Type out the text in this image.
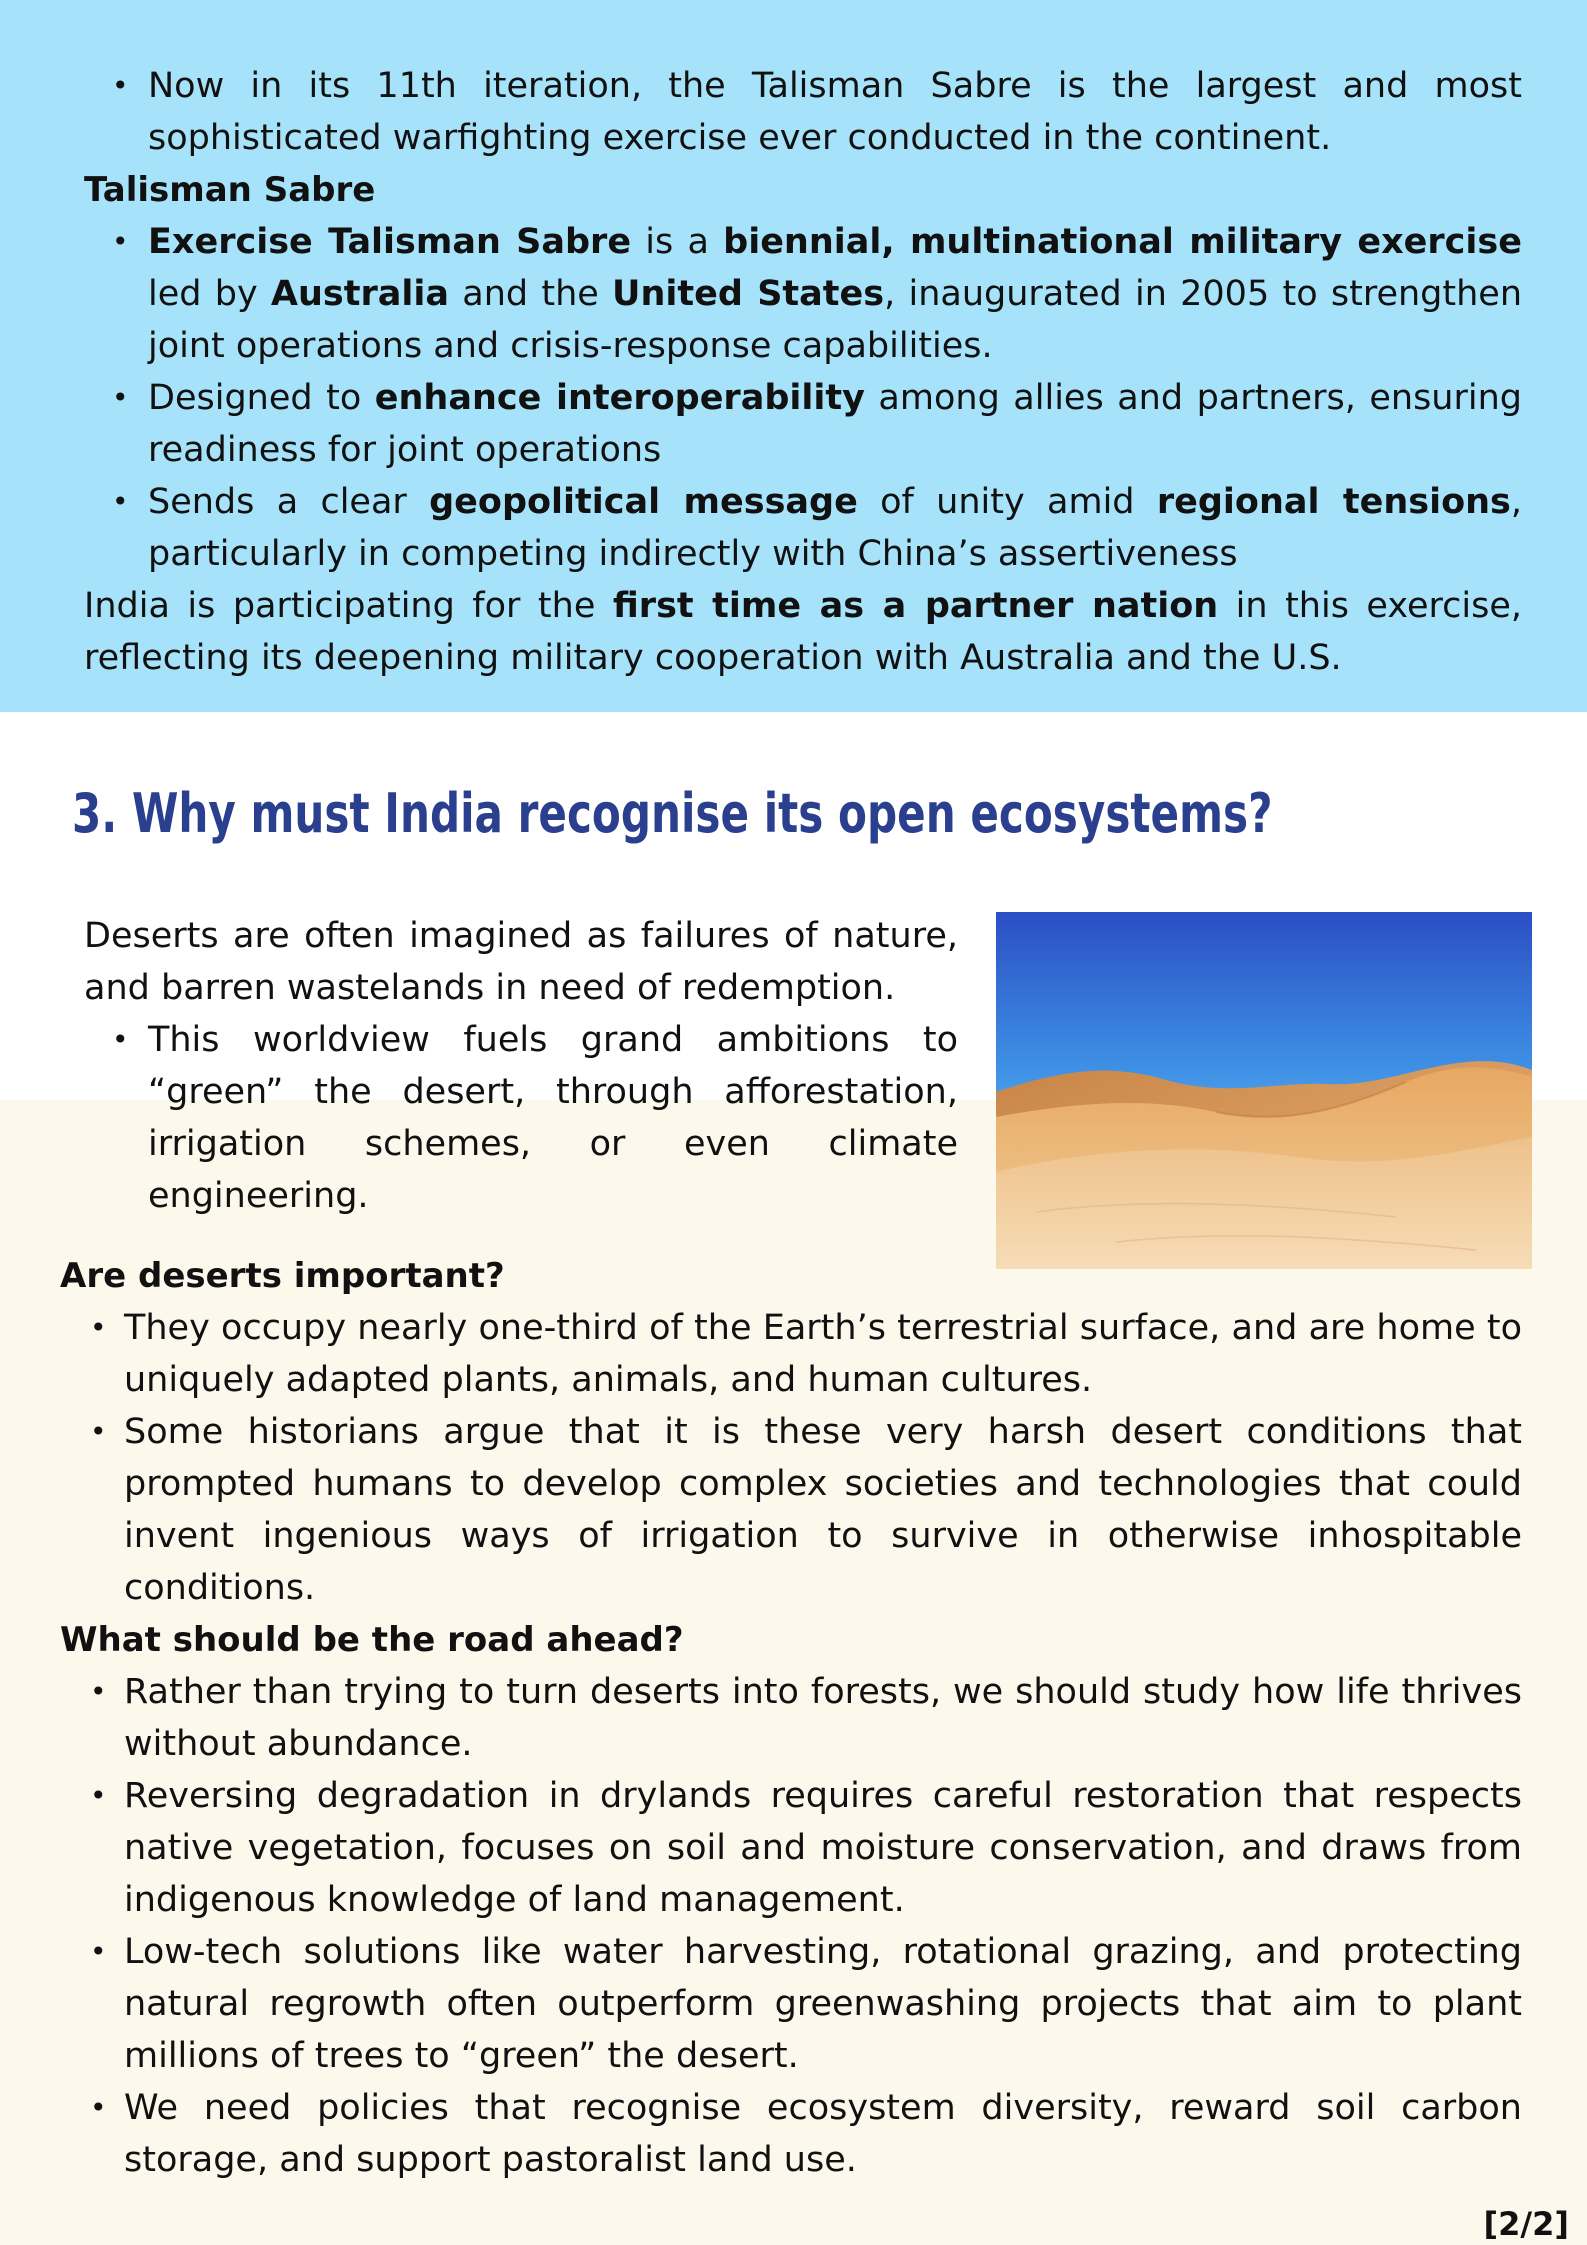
• Now in its 11th iteration, the Talisman Sabre is the largest and most sophisticated warfighting exercise ever conducted in the continent.
Talisman Sabre
• Exercise Talisman Sabre is a biennial, multinational military exercise led by Australia and the United States, inaugurated in 2005 to strengthen joint operations and crisis-response capabilities.
• Designed to enhance interoperability among allies and partners, ensuring readiness for joint operations
• Sends a clear geopolitical message of unity amid regional tensions, particularly in competing indirectly with China’s assertiveness
India is participating for the first time as a partner nation in this exercise, reflecting its deepening military cooperation with Australia and the U.S.
3. Why must India recognise its open ecosystems?
Deserts are often imagined as failures of nature, and barren wastelands in need of redemption.
• This worldview fuels grand ambitions to “green” the desert, through afforestation, irrigation schemes, or even climate engineering.
Are deserts important?
• They occupy nearly one-third of the Earth’s terrestrial surface, and are home to uniquely adapted plants, animals, and human cultures.
• Some historians argue that it is these very harsh desert conditions that prompted humans to develop complex societies and technologies that could invent ingenious ways of irrigation to survive in otherwise inhospitable conditions.
What should be the road ahead?
• Rather than trying to turn deserts into forests, we should study how life thrives without abundance.
• Reversing degradation in drylands requires careful restoration that respects native vegetation, focuses on soil and moisture conservation, and draws from indigenous knowledge of land management.
• Low-tech solutions like water harvesting, rotational grazing, and protecting natural regrowth often outperform greenwashing projects that aim to plant millions of trees to “green” the desert.
• We need policies that recognise ecosystem diversity, reward soil carbon storage, and support pastoralist land use.
[2/2]
